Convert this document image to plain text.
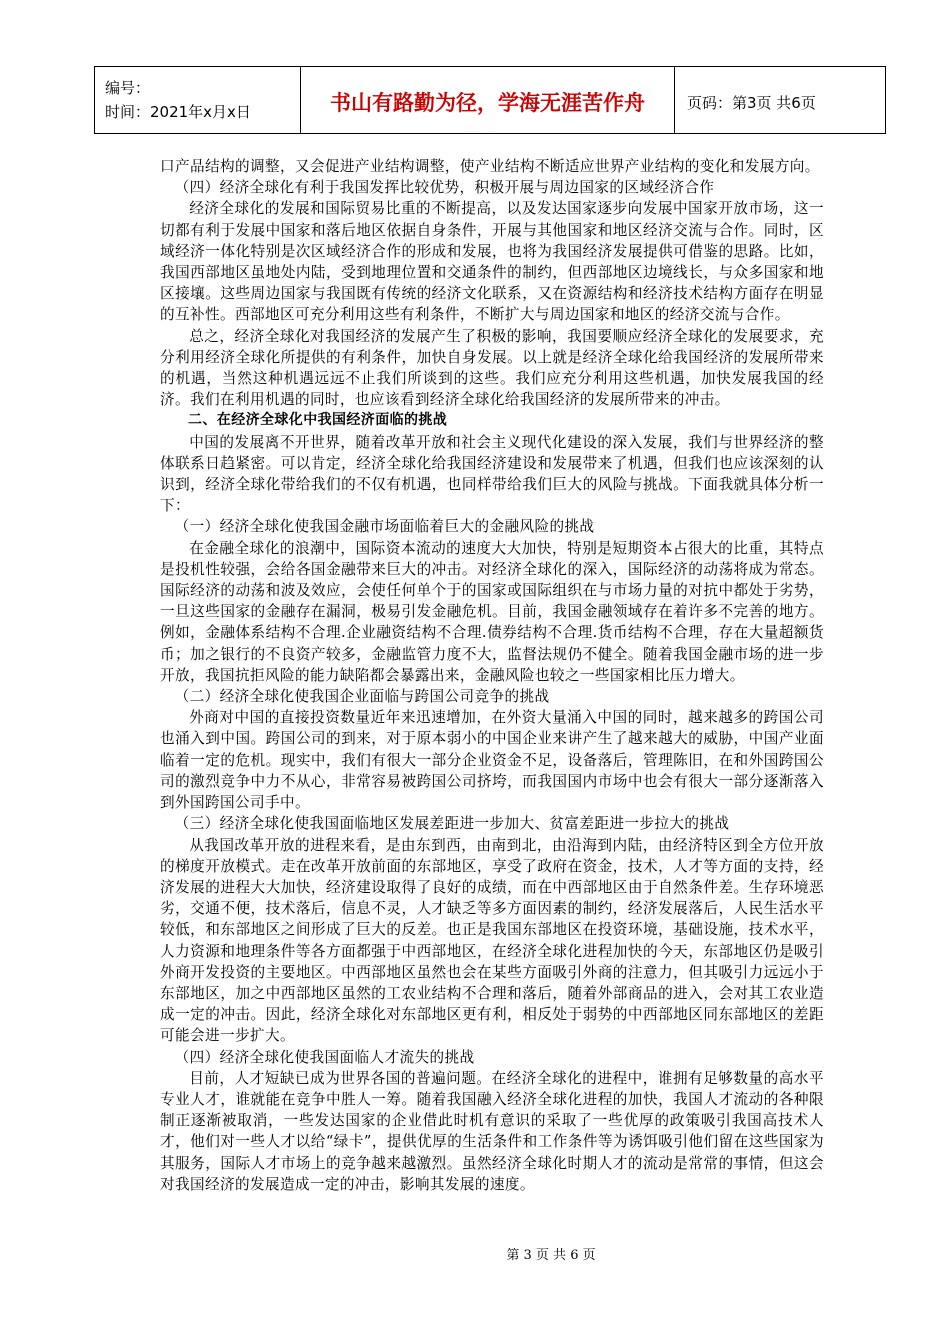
编号：
时间：2021年x月x日	书山有路勤为径，学海无涯苦作舟	页码：第3页 共6页

口产品结构的调整，又会促进产业结构调整，使产业结构不断适应世界产业结构的变化和发展方向。

（四）经济全球化有利于我国发挥比较优势，积极开展与周边国家的区域经济合作

经济全球化的发展和国际贸易比重的不断提高，以及发达国家逐步向发展中国家开放市场，这一切都有利于发展中国家和落后地区依据自身条件，开展与其他国家和地区经济交流与合作。同时，区域经济一体化特别是次区域经济合作的形成和发展，也将为我国经济发展提供可借鉴的思路。比如，我国西部地区虽地处内陆，受到地理位置和交通条件的制约，但西部地区边境线长，与众多国家和地区接壤。这些周边国家与我国既有传统的经济文化联系，又在资源结构和经济技术结构方面存在明显的互补性。西部地区可充分利用这些有利条件，不断扩大与周边国家和地区的经济交流与合作。

总之，经济全球化对我国经济的发展产生了积极的影响，我国要顺应经济全球化的发展要求，充分利用经济全球化所提供的有利条件，加快自身发展。以上就是经济全球化给我国经济的发展所带来的机遇，当然这种机遇远远不止我们所谈到的这些。我们应充分利用这些机遇，加快发展我国的经济。我们在利用机遇的同时，也应该看到经济全球化给我国经济的发展所带来的冲击。

二、在经济全球化中我国经济面临的挑战

中国的发展离不开世界，随着改革开放和社会主义现代化建设的深入发展，我们与世界经济的整体联系日趋紧密。可以肯定，经济全球化给我国经济建设和发展带来了机遇，但我们也应该深刻的认识到，经济全球化带给我们的不仅有机遇，也同样带给我们巨大的风险与挑战。下面我就具体分析一下：

（一）经济全球化使我国金融市场面临着巨大的金融风险的挑战

在金融全球化的浪潮中，国际资本流动的速度大大加快，特别是短期资本占很大的比重，其特点是投机性较强，会给各国金融带来巨大的冲击。对经济全球化的深入，国际经济的动荡将成为常态。国际经济的动荡和波及效应，会使任何单个于的国家或国际组织在与市场力量的对抗中都处于劣势，一旦这些国家的金融存在漏洞，极易引发金融危机。目前，我国金融领域存在着许多不完善的地方。例如，金融体系结构不合理.企业融资结构不合理.债券结构不合理.货币结构不合理，存在大量超额货币；加之银行的不良资产较多，金融监管力度不大，监督法规仍不健全。随着我国金融市场的进一步开放，我国抗拒风险的能力缺陷都会暴露出来，金融风险也较之一些国家相比压力增大。

（二）经济全球化使我国企业面临与跨国公司竞争的挑战

外商对中国的直接投资数量近年来迅速增加，在外资大量涌入中国的同时，越来越多的跨国公司也涌入到中国。跨国公司的到来，对于原本弱小的中国企业来讲产生了越来越大的威胁，中国产业面临着一定的危机。现实中，我们有很大一部分企业资金不足，设备落后，管理陈旧，在和外国跨国公司的激烈竞争中力不从心，非常容易被跨国公司挤垮，而我国国内市场中也会有很大一部分逐渐落入到外国跨国公司手中。

（三）经济全球化使我国面临地区发展差距进一步加大、贫富差距进一步拉大的挑战

从我国改革开放的进程来看，是由东到西，由南到北，由沿海到内陆，由经济特区到全方位开放的梯度开放模式。走在改革开放前面的东部地区，享受了政府在资金，技术，人才等方面的支持，经济发展的进程大大加快，经济建设取得了良好的成绩，而在中西部地区由于自然条件差。生存环境恶劣，交通不便，技术落后，信息不灵，人才缺乏等多方面因素的制约，经济发展落后，人民生活水平较低，和东部地区之间形成了巨大的反差。也正是我国东部地区在投资环境，基础设施，技术水平，人力资源和地理条件等各方面都强于中西部地区，在经济全球化进程加快的今天，东部地区仍是吸引外商开发投资的主要地区。中西部地区虽然也会在某些方面吸引外商的注意力，但其吸引力远远小于东部地区，加之中西部地区虽然的工农业结构不合理和落后，随着外部商品的进入，会对其工农业造成一定的冲击。因此，经济全球化对东部地区更有利，相反处于弱势的中西部地区同东部地区的差距可能会进一步扩大。

（四）经济全球化使我国面临人才流失的挑战

目前，人才短缺已成为世界各国的普遍问题。在经济全球化的进程中，谁拥有足够数量的高水平专业人才，谁就能在竞争中胜人一筹。随着我国融入经济全球化进程的加快，我国人才流动的各种限制正逐渐被取消，一些发达国家的企业借此时机有意识的采取了一些优厚的政策吸引我国高技术人才，他们对一些人才以给“绿卡”，提供优厚的生活条件和工作条件等为诱饵吸引他们留在这些国家为其服务，国际人才市场上的竞争越来越激烈。虽然经济全球化时期人才的流动是常常的事情，但这会对我国经济的发展造成一定的冲击，影响其发展的速度。

第 3 页 共 6 页
